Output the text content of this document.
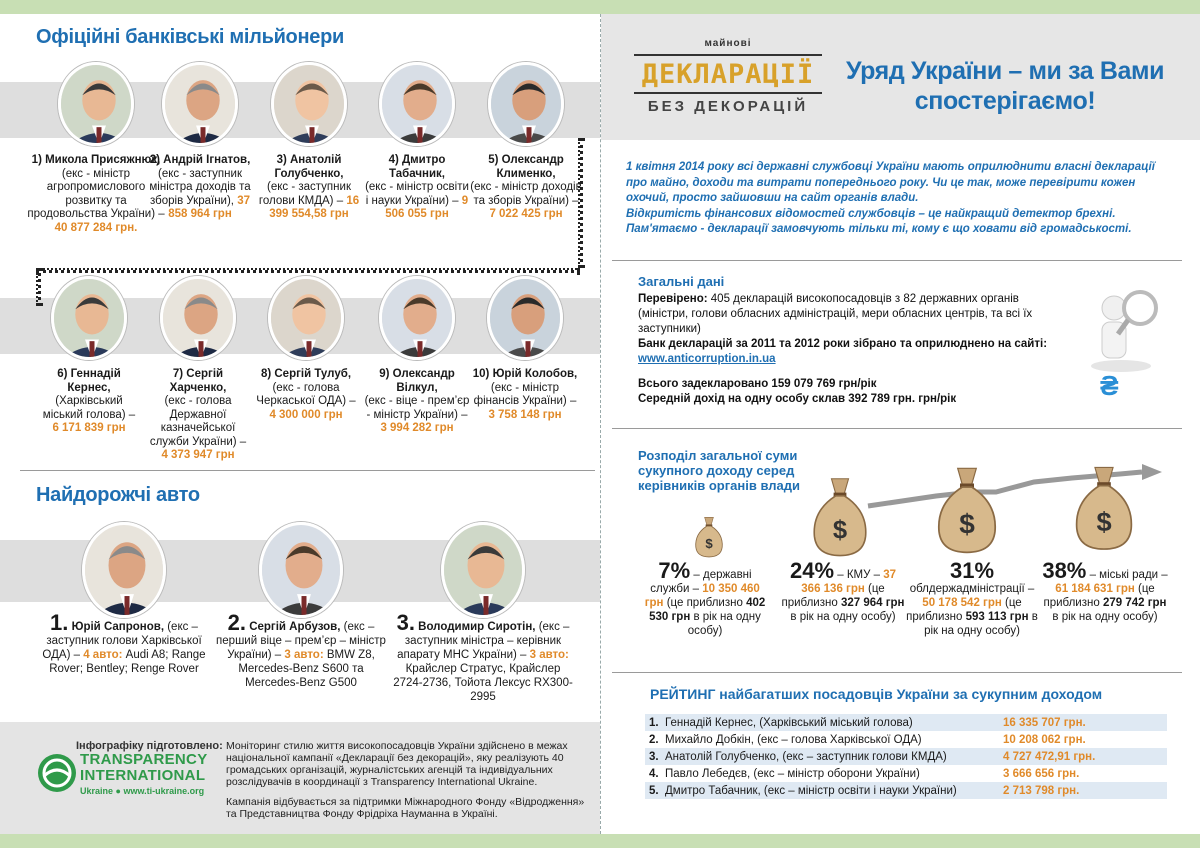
Офіційні банківські мільйонери
1) Микола Присяжнюк,
(екс - міністр агропромислового розвитку та продовольства України) – 40 877 284 грн.
2) Андрій Ігнатов,
(екс - заступник міністра доходів та зборів України), 37 858 964 грн
3) Анатолій Голубченко,
(екс - заступник голови КМДА) – 16 399 554,58 грн
4) Дмитро Табачник,
(екс - міністр освіти і науки України) – 9 506 055 грн
5) Олександр Клименко,
(екс - міністр доходів та зборів України) – 7 022 425 грн
6) Геннадій Кернес,
(Харківський міський голова) – 6 171 839 грн
7) Сергій Харченко,
(екс - голова Державної казначейської служби України) – 4 373 947 грн
8) Сергій Тулуб,
(екс - голова Черкаської ОДА) – 4 300 000 грн
9) Олександр Вілкул,
(екс - віце - прем’єр - міністр України) – 3 994 282 грн
10) Юрій Колобов,
(екс - міністр фінансів України) – 3 758 148 грн
Найдорожчі авто
1. Юрій Сапронов, (екс – заступник голови Харківської ОДА) – 4 авто: Audi A8; Range Rover; Bentley; Renge Rover
2. Сергій Арбузов, (екс – перший віце – прем’єр – міністр України) – 3 авто: BMW Z8, Mercedes-Benz S600 та Mercedes-Benz G500
3. Володимир Сиротін, (екс – заступник міністра – керівник апарату МНС України) – 3 авто: Крайслер Стратус, Крайслер 2724-2736, Тойота Лексус RX300-2995
Інфографіку підготовлено:
TRANSPARENCY
INTERNATIONAL
Ukraine ● www.ti-ukraine.org

Моніторинг стилю життя високопосадовців України здійснено в межах національної кампанії «Декларації без декорацій», яку реалізують 40 громадських організацій, журналістських агенцій та індивідуальних розслідувачів в координації з Transparency International Ukraine.

Кампанія відбувається за підтримки Міжнародного Фонду «Відродження» та Представництва Фонду Фрідріха Науманна в Україні.

майнові
ДЕКЛАРАЦІЇ
БЕЗ ДЕКОРАЦІЙ
Уряд України – ми за Вами спостерігаємо!

1 квітня 2014 року всі державні службовці України мають оприлюднити власні декларації про майно, доходи та витрати попереднього року. Чи це так, може перевірити кожен охочий, просто зайшовши на сайт органів влади.

Відкритість фінансових відомостей службовців – це найкращий детектор брехні.

Пам'ятаємо - декларації замовчують тільки ті, кому є що ховати від громадськості.

Загальні дані
Перевірено: 405 декларацій високопосадовців з 82 державних органів (міністри, голови обласних адміністрацій, мери обласних центрів, та всі їх заступники)
Банк декларацій за 2011 та 2012 роки зібрано та оприлюднено на сайті:
www.anticorruption.in.ua
Всього задекларовано 159 079 769 грн/рік
Середній дохід на одну особу склав 392 789 грн. грн/рік	₴
Розподіл загальної суми сукупного доходу серед керівників органів влади
$	$	$	$
7% – державні служби – 10 350 460 грн (це приблизно 402 530 грн в рік на одну особу)
24% – КМУ – 37 366 136 грн (це приблизно 327 964 грн в рік на одну особу)
31% облдержадміністрації – 50 178 542 грн (це приблизно 593 113 грн в рік на одну особу)
38% – міські ради – 61 184 631 грн (це приблизно 279 742 грн в рік на одну особу)
РЕЙТИНГ найбагатших посадовців України за сукупним доходом
1. Геннадій Кернес, (Харківський міський голова)	16 335 707 грн.
2. Михайло Добкін, (екс – голова Харківської ОДА)	10 208 062 грн.
3. Анатолій Голубченко, (екс – заступник голови КМДА)	4 727 472,91 грн.
4. Павло Лебедєв, (екс – міністр оборони України)	3 666 656 грн.
5. Дмитро Табачник, (екс – міністр освіти і науки України)	2 713 798 грн.
